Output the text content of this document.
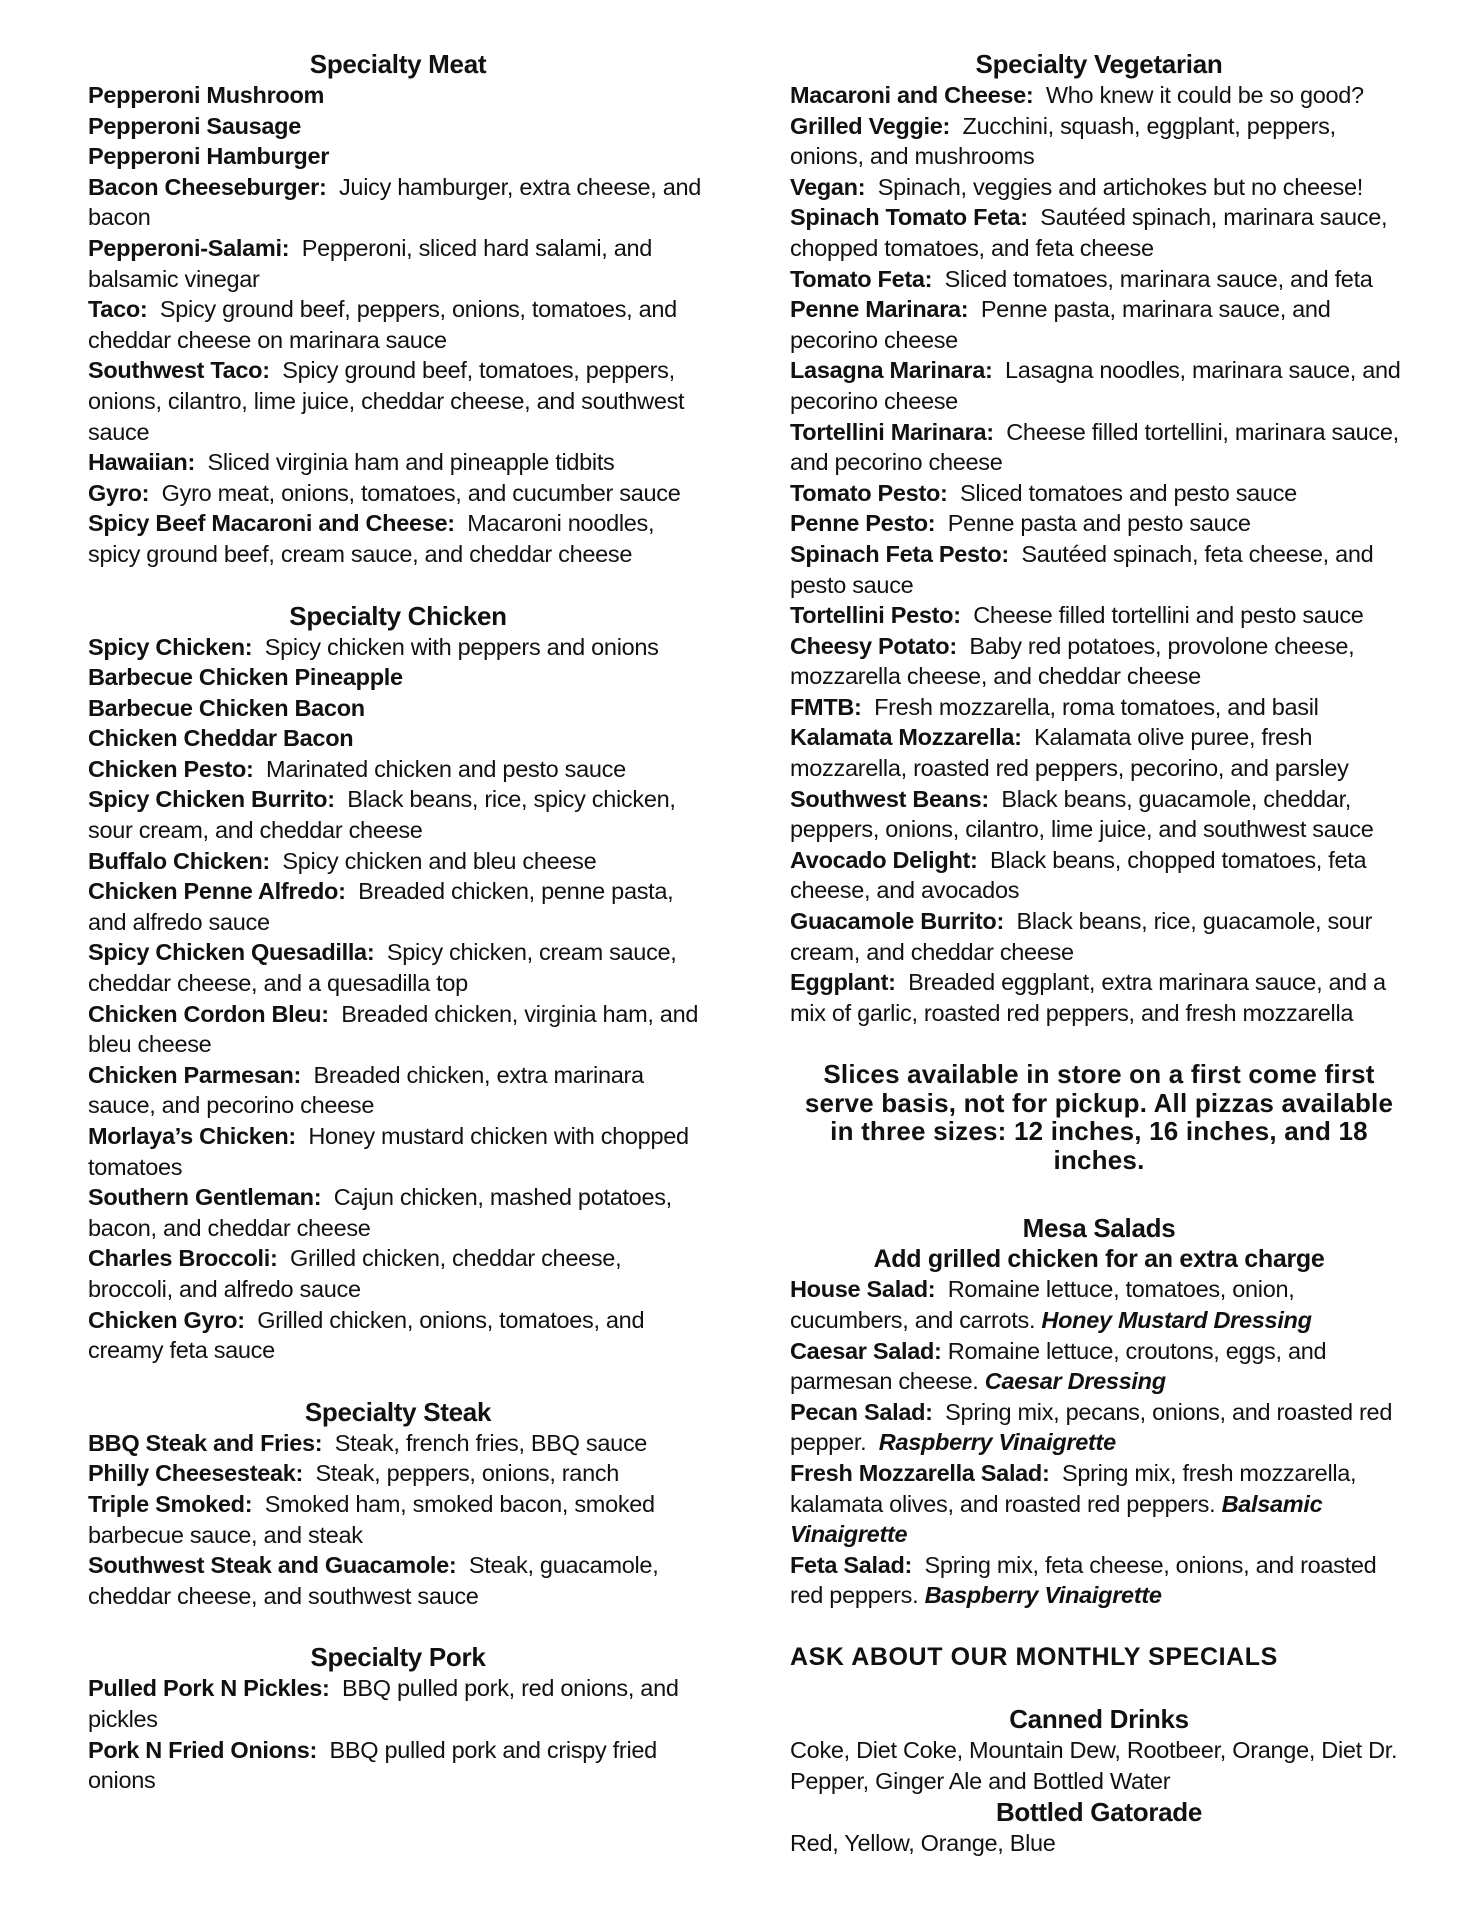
Specialty Meat

Pepperoni Mushroom

Pepperoni Sausage

Pepperoni Hamburger

Bacon Cheeseburger: Juicy hamburger, extra cheese, and bacon

Pepperoni-Salami: Pepperoni, sliced hard salami, and balsamic vinegar

Taco: Spicy ground beef, peppers, onions, tomatoes, and cheddar cheese on marinara sauce

Southwest Taco: Spicy ground beef, tomatoes, peppers, onions, cilantro, lime juice, cheddar cheese, and southwest sauce

Hawaiian: Sliced virginia ham and pineapple tidbits

Gyro: Gyro meat, onions, tomatoes, and cucumber sauce

Spicy Beef Macaroni and Cheese: Macaroni noodles, spicy ground beef, cream sauce, and cheddar cheese

Specialty Chicken

Spicy Chicken: Spicy chicken with peppers and onions

Barbecue Chicken Pineapple

Barbecue Chicken Bacon

Chicken Cheddar Bacon

Chicken Pesto: Marinated chicken and pesto sauce

Spicy Chicken Burrito: Black beans, rice, spicy chicken, sour cream, and cheddar cheese

Buffalo Chicken: Spicy chicken and bleu cheese

Chicken Penne Alfredo: Breaded chicken, penne pasta, and alfredo sauce

Spicy Chicken Quesadilla: Spicy chicken, cream sauce, cheddar cheese, and a quesadilla top

Chicken Cordon Bleu: Breaded chicken, virginia ham, and bleu cheese

Chicken Parmesan: Breaded chicken, extra marinara sauce, and pecorino cheese

Morlaya’s Chicken: Honey mustard chicken with chopped tomatoes

Southern Gentleman: Cajun chicken, mashed potatoes, bacon, and cheddar cheese

Charles Broccoli: Grilled chicken, cheddar cheese, broccoli, and alfredo sauce

Chicken Gyro: Grilled chicken, onions, tomatoes, and creamy feta sauce

Specialty Steak

BBQ Steak and Fries: Steak, french fries, BBQ sauce

Philly Cheesesteak: Steak, peppers, onions, ranch

Triple Smoked: Smoked ham, smoked bacon, smoked barbecue sauce, and steak

Southwest Steak and Guacamole: Steak, guacamole, cheddar cheese, and southwest sauce

Specialty Pork

Pulled Pork N Pickles: BBQ pulled pork, red onions, and pickles

Pork N Fried Onions: BBQ pulled pork and crispy fried onions

Specialty Vegetarian

Macaroni and Cheese: Who knew it could be so good?

Grilled Veggie: Zucchini, squash, eggplant, peppers, onions, and mushrooms

Vegan: Spinach, veggies and artichokes but no cheese!

Spinach Tomato Feta: Sautéed spinach, marinara sauce, chopped tomatoes, and feta cheese

Tomato Feta: Sliced tomatoes, marinara sauce, and feta

Penne Marinara: Penne pasta, marinara sauce, and pecorino cheese

Lasagna Marinara: Lasagna noodles, marinara sauce, and pecorino cheese

Tortellini Marinara: Cheese filled tortellini, marinara sauce, and pecorino cheese

Tomato Pesto: Sliced tomatoes and pesto sauce

Penne Pesto: Penne pasta and pesto sauce

Spinach Feta Pesto: Sautéed spinach, feta cheese, and pesto sauce

Tortellini Pesto: Cheese filled tortellini and pesto sauce

Cheesy Potato: Baby red potatoes, provolone cheese, mozzarella cheese, and cheddar cheese

FMTB: Fresh mozzarella, roma tomatoes, and basil

Kalamata Mozzarella: Kalamata olive puree, fresh mozzarella, roasted red peppers, pecorino, and parsley

Southwest Beans: Black beans, guacamole, cheddar, peppers, onions, cilantro, lime juice, and southwest sauce

Avocado Delight: Black beans, chopped tomatoes, feta cheese, and avocados

Guacamole Burrito: Black beans, rice, guacamole, sour cream, and cheddar cheese

Eggplant: Breaded eggplant, extra marinara sauce, and a mix of garlic, roasted red peppers, and fresh mozzarella

Slices available in store on a first come first serve basis, not for pickup. All pizzas available in three sizes: 12 inches, 16 inches, and 18 inches.

Mesa Salads

Add grilled chicken for an extra charge

House Salad: Romaine lettuce, tomatoes, onion, cucumbers, and carrots. Honey Mustard Dressing

Caesar Salad: Romaine lettuce, croutons, eggs, and parmesan cheese. Caesar Dressing

Pecan Salad: Spring mix, pecans, onions, and roasted red pepper. Raspberry Vinaigrette

Fresh Mozzarella Salad: Spring mix, fresh mozzarella, kalamata olives, and roasted red peppers. Balsamic Vinaigrette

Feta Salad: Spring mix, feta cheese, onions, and roasted red peppers. Baspberry Vinaigrette

ASK ABOUT OUR MONTHLY SPECIALS

Canned Drinks

Coke, Diet Coke, Mountain Dew, Rootbeer, Orange, Diet Dr. Pepper, Ginger Ale and Bottled Water

Bottled Gatorade

Red, Yellow, Orange, Blue
